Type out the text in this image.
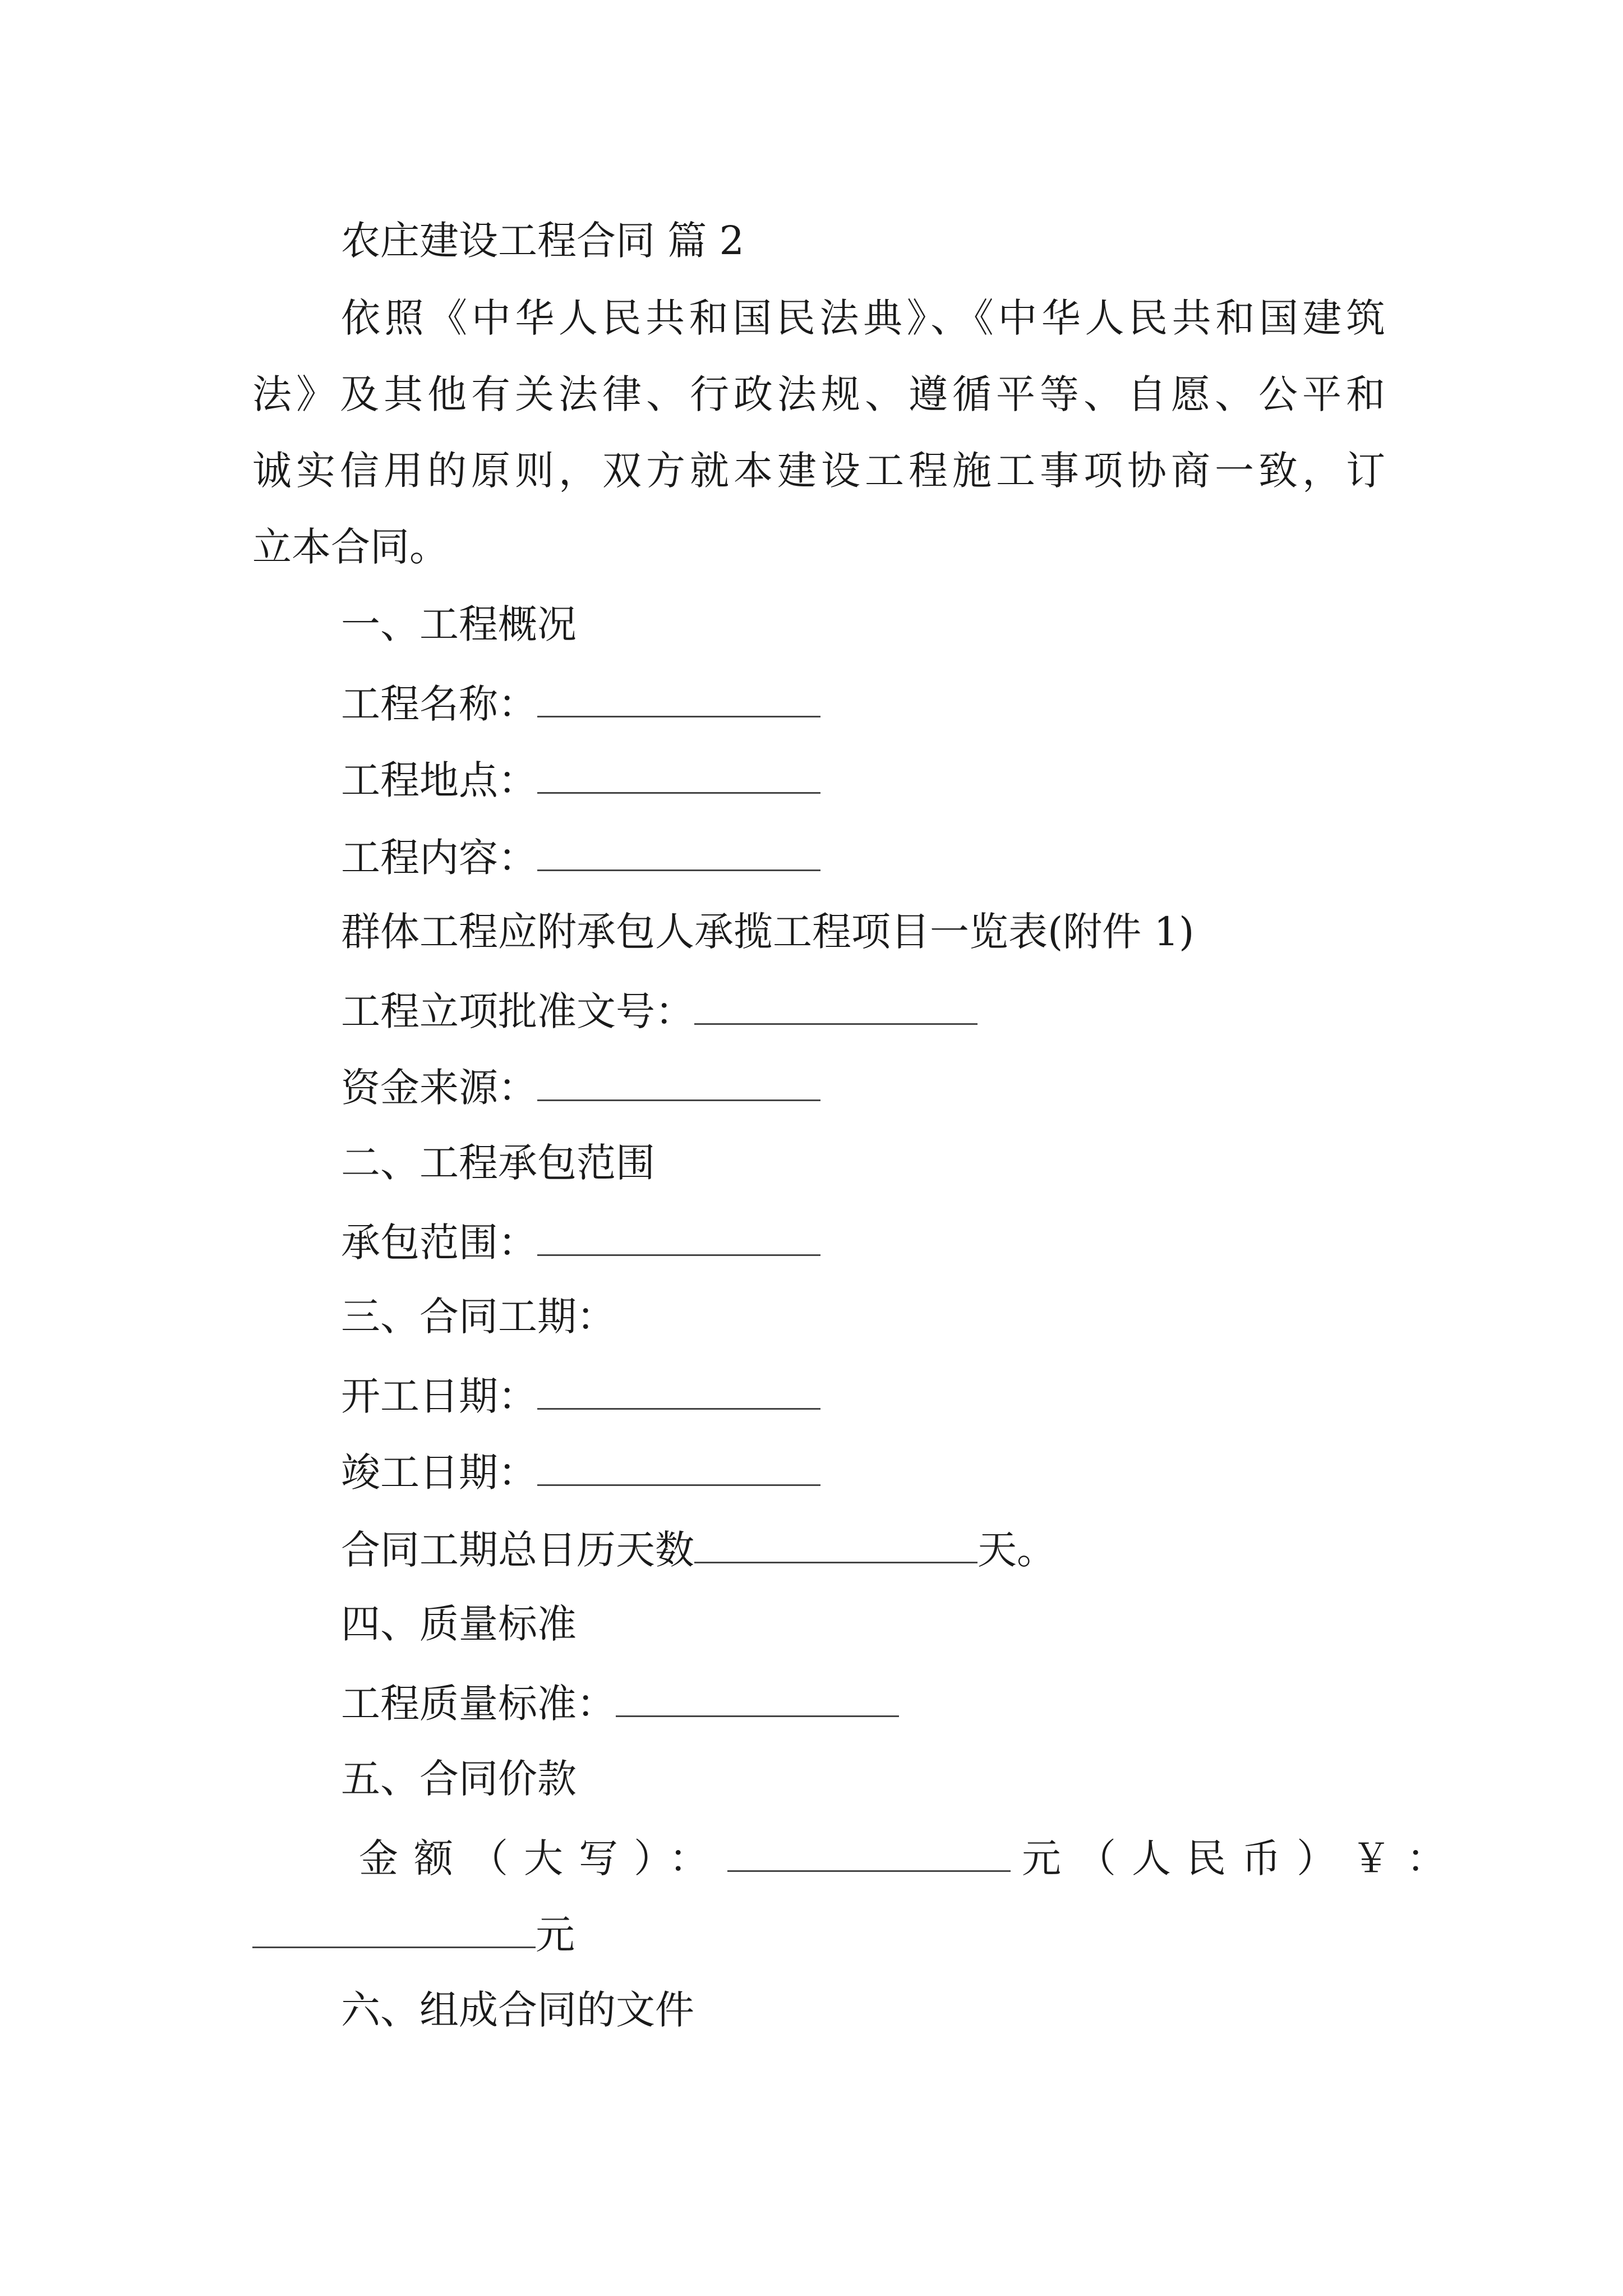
农庄建设工程合同 篇 2
依照《中华人民共和国民法典》、《中华人民共和国建筑
法》及其他有关法律、行政法规、遵循平等、自愿、公平和
诚实信用的原则，双方就本建设工程施工事项协商一致，订
立本合同。
一、工程概况
工程名称：
工程地点：
工程内容：
群体工程应附承包人承揽工程项目一览表(附件 1)
工程立项批准文号：
资金来源：
二、工程承包范围
承包范围：
三、合同工期：
开工日期：
竣工日期：
合同工期总日历天数	天。
四、质量标准
工程质量标准：
五、合同价款
金额（大写）：	元（人民币）￥：
元
六、组成合同的文件
